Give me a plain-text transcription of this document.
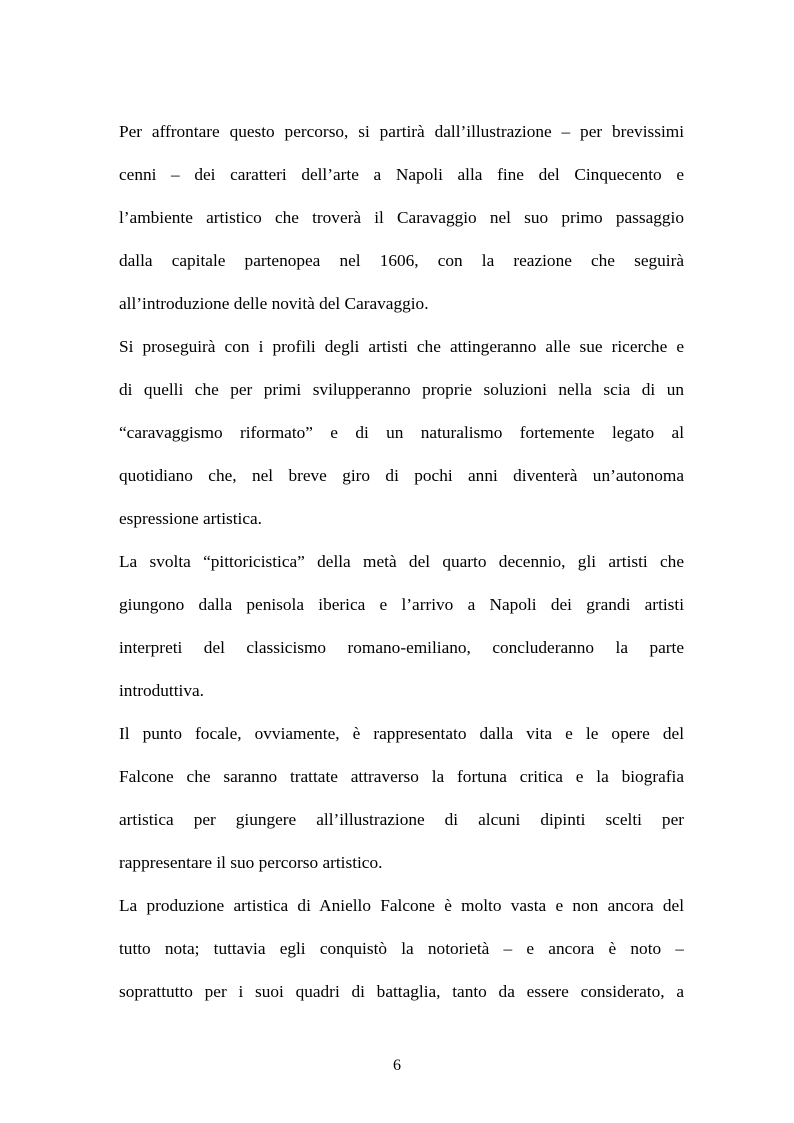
Per affrontare questo percorso, si partirà dall’illustrazione – per brevissimi
cenni – dei caratteri dell’arte a Napoli alla fine del Cinquecento e
l’ambiente artistico che troverà il Caravaggio nel suo primo passaggio
dalla capitale partenopea nel 1606, con la reazione che seguirà
all’introduzione delle novità del Caravaggio.
Si proseguirà con i profili degli artisti che attingeranno alle sue ricerche e
di quelli che per primi svilupperanno proprie soluzioni nella scia di un
“caravaggismo riformato” e di un naturalismo fortemente legato al
quotidiano che, nel breve giro di pochi anni diventerà un’autonoma
espressione artistica.
La svolta “pittoricistica” della metà del quarto decennio, gli artisti che
giungono dalla penisola iberica e l’arrivo a Napoli dei grandi artisti
interpreti del classicismo romano-emiliano, concluderanno la parte
introduttiva.
Il punto focale, ovviamente, è rappresentato dalla vita e le opere del
Falcone che saranno trattate attraverso la fortuna critica e la biografia
artistica per giungere all’illustrazione di alcuni dipinti scelti per
rappresentare il suo percorso artistico.
La produzione artistica di Aniello Falcone è molto vasta e non ancora del
tutto nota; tuttavia egli conquistò la notorietà – e ancora è noto –
soprattutto per i suoi quadri di battaglia, tanto da essere considerato, a
6
